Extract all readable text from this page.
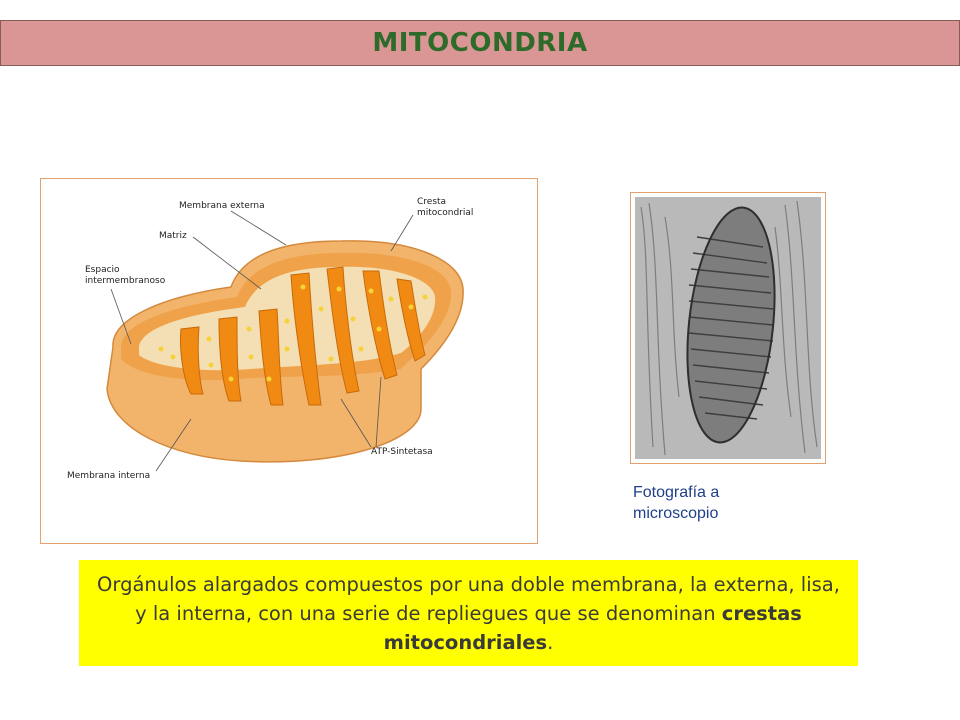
MITOCONDRIA
Membrana externa	Cresta
mitocondrial
Matriz
Espacio
intermembranoso
ATP-Sintetasa
Membrana interna
Fotografía a
microscopio

Orgánulos alargados compuestos por una doble membrana, la externa, lisa, y la interna, con una serie de repliegues que se denominan crestas mitocondriales.
